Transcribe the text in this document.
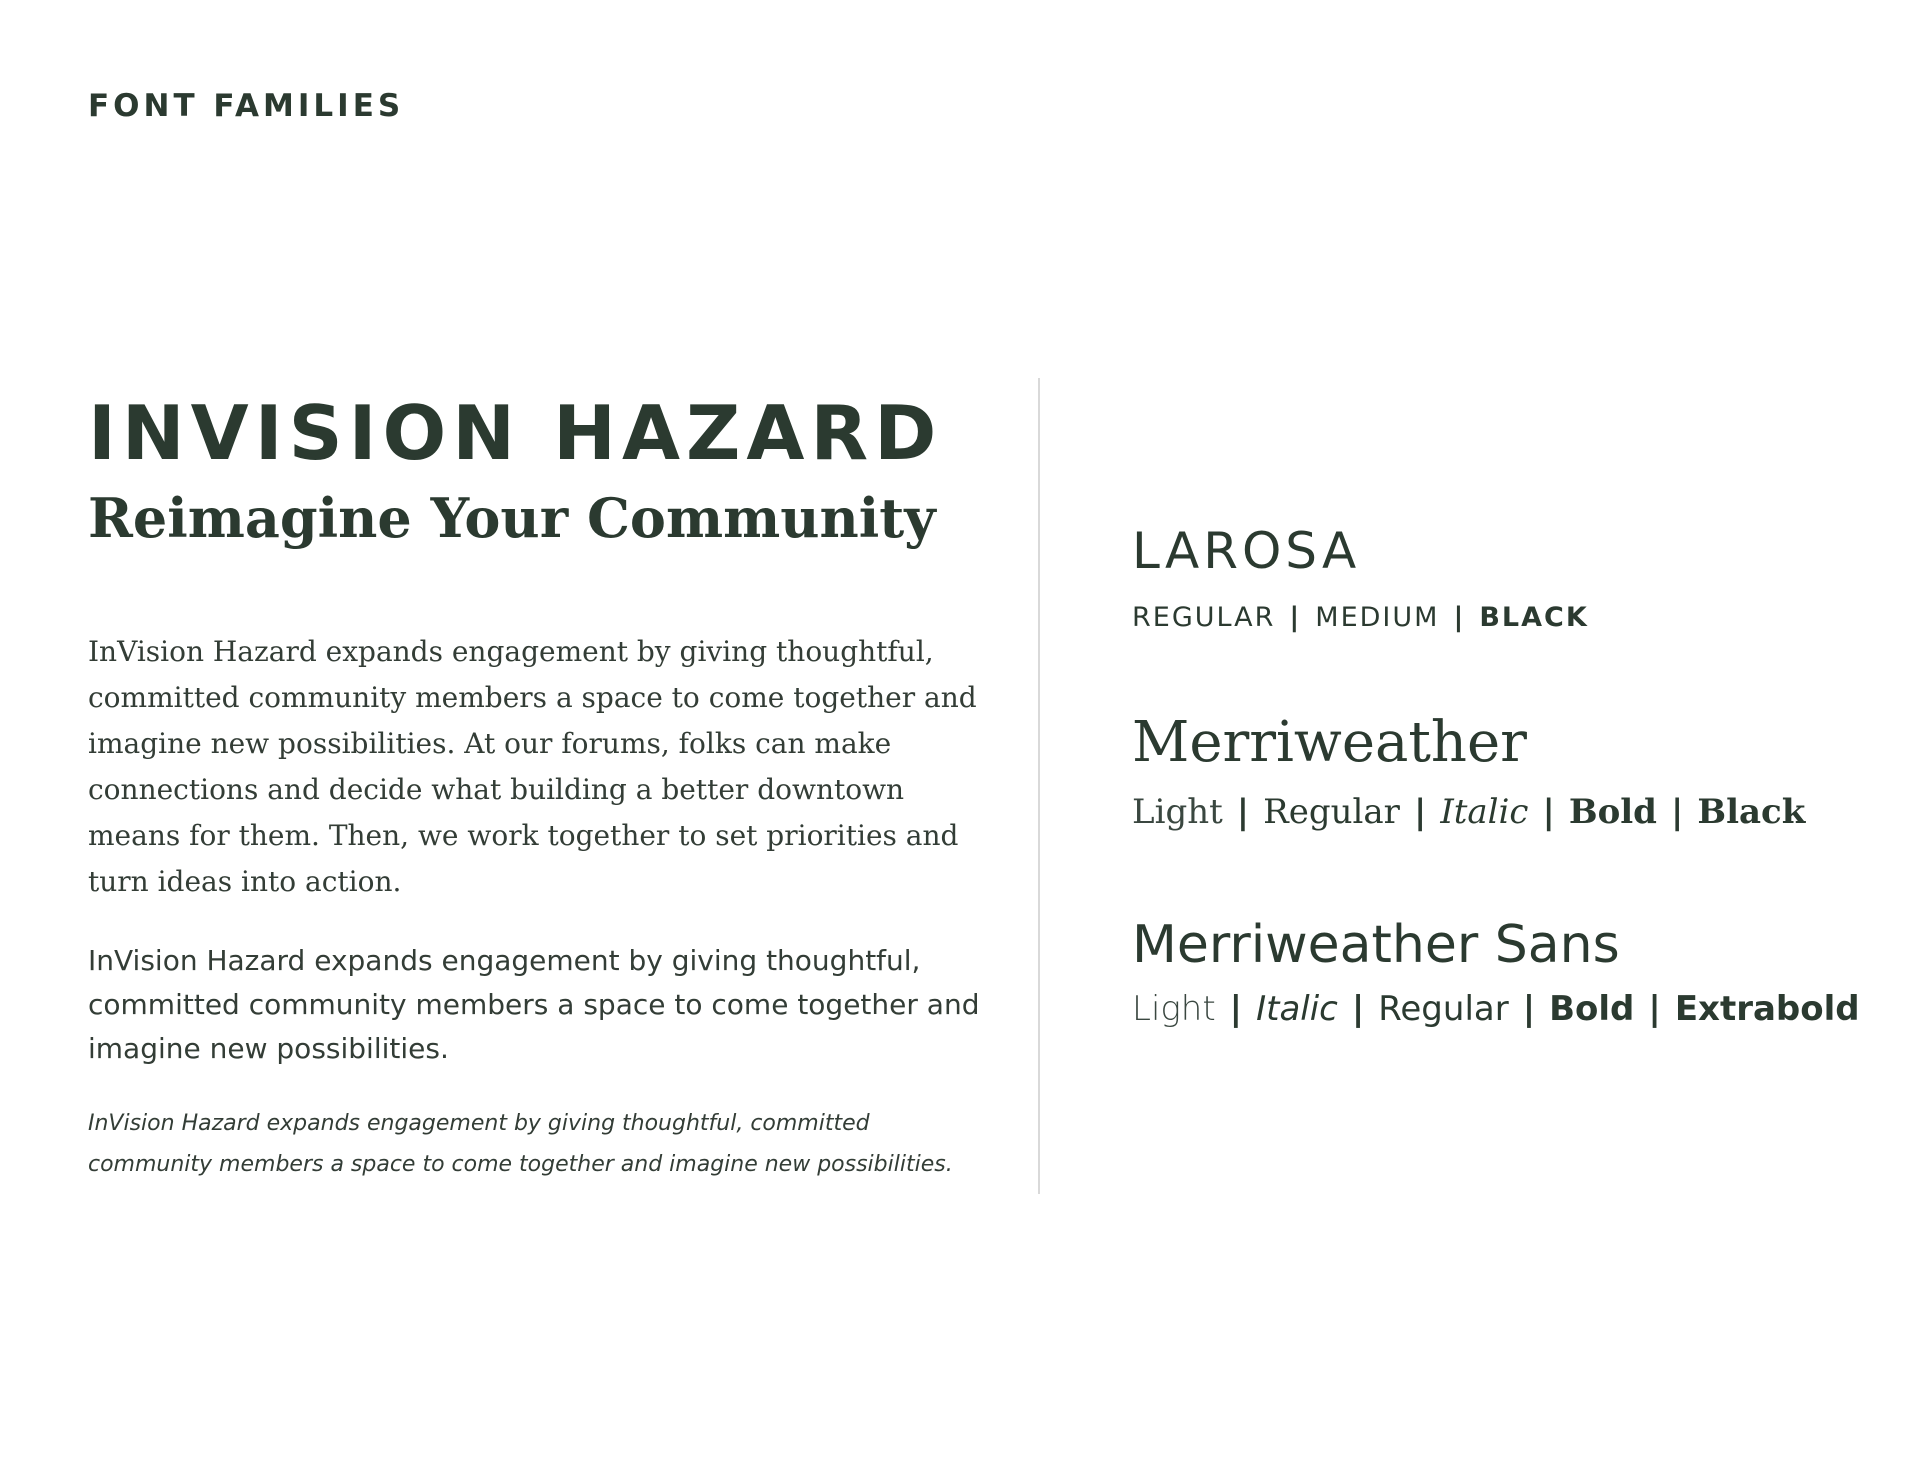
FONT FAMILIES
INVISION HAZARD
Reimagine Your Community

InVision Hazard expands engagement by giving thoughtful, committed community members a space to come together and imagine new possibilities. At our forums, folks can make connections and decide what building a better downtown means for them. Then, we work together to set priorities and turn ideas into action.

InVision Hazard expands engagement by giving thoughtful, committed community members a space to come together and imagine new possibilities.

InVision Hazard expands engagement by giving thoughtful, committed community members a space to come together and imagine new possibilities.

LAROSA
REGULAR | MEDIUM | BLACK
Merriweather
Light | Regular | Italic | Bold | Black
Merriweather Sans
Light | Italic | Regular | Bold | Extrabold
